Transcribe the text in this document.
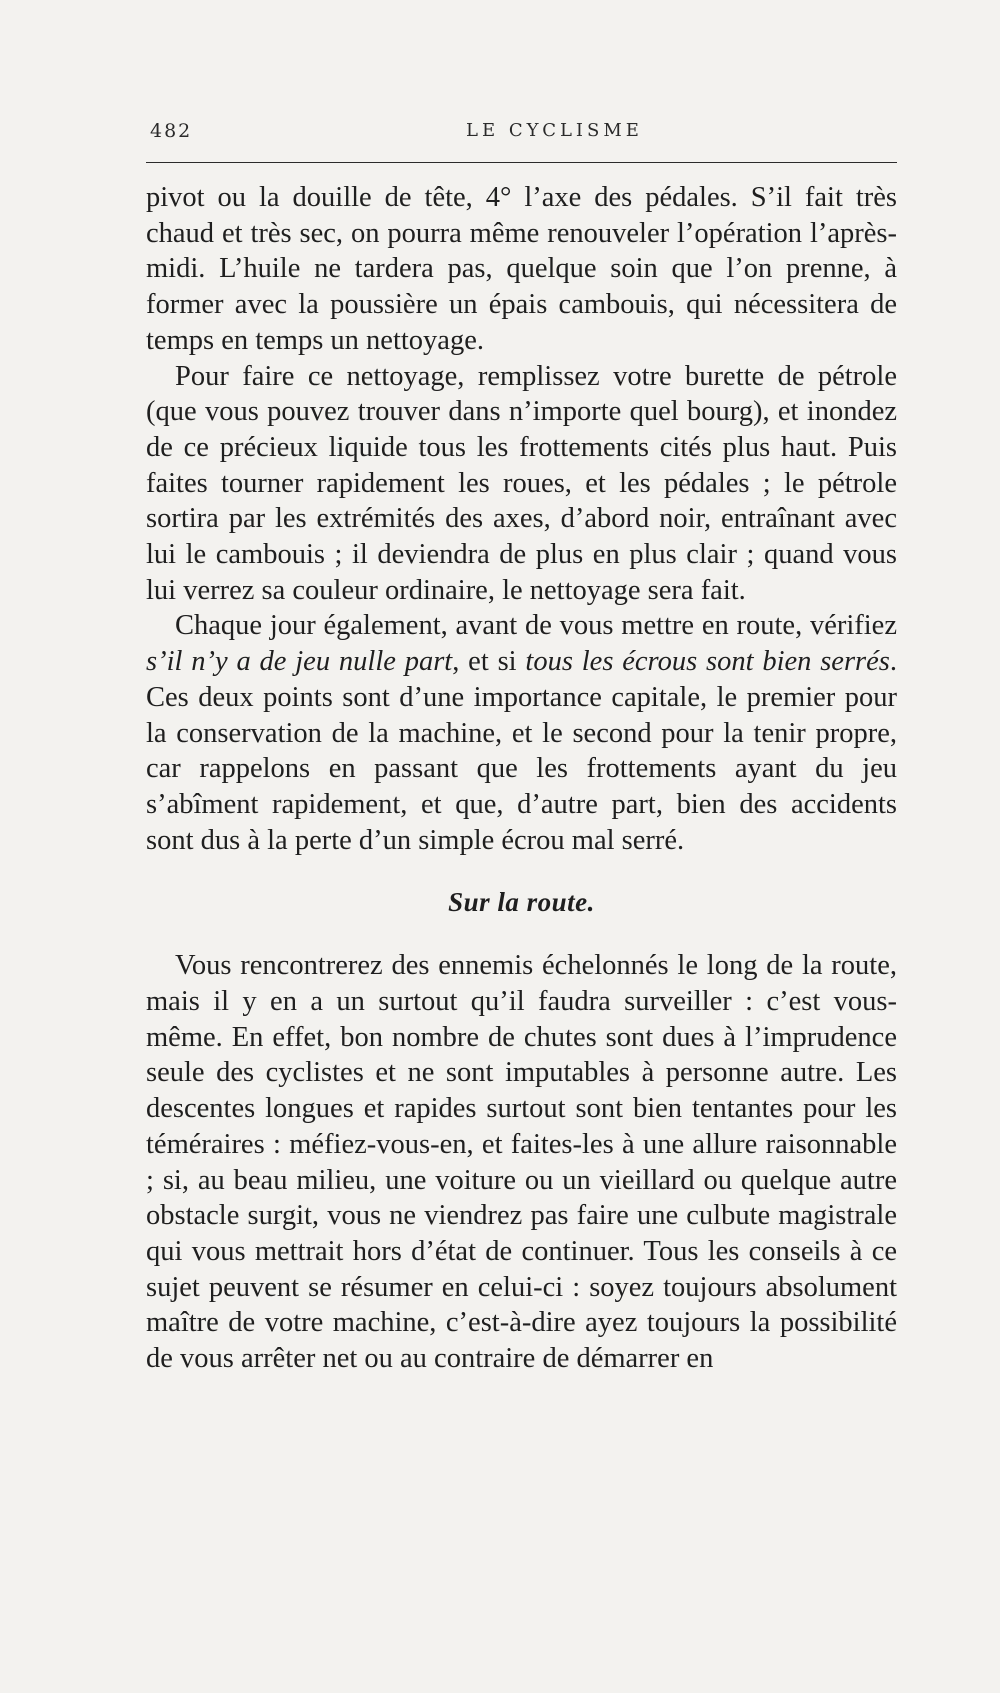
482	LE CYCLISME

pivot ou la douille de tête, 4° l’axe des pédales. S’il fait très chaud et très sec, on pourra même renouveler l’opération l’après-midi. L’huile ne tardera pas, quelque soin que l’on prenne, à former avec la poussière un épais cambouis, qui nécessitera de temps en temps un nettoyage.

Pour faire ce nettoyage, remplissez votre burette de pétrole (que vous pouvez trouver dans n’importe quel bourg), et inondez de ce précieux liquide tous les frottements cités plus haut. Puis faites tourner rapidement les roues, et les pédales ; le pétrole sortira par les extrémités des axes, d’abord noir, entraînant avec lui le cambouis ; il deviendra de plus en plus clair ; quand vous lui verrez sa couleur ordinaire, le nettoyage sera fait.

Chaque jour également, avant de vous mettre en route, vérifiez s’il n’y a de jeu nulle part, et si tous les écrous sont bien serrés. Ces deux points sont d’une importance capitale, le premier pour la conservation de la machine, et le second pour la tenir propre, car rappelons en passant que les frottements ayant du jeu s’abîment rapidement, et que, d’autre part, bien des accidents sont dus à la perte d’un simple écrou mal serré.

Sur la route.

Vous rencontrerez des ennemis échelonnés le long de la route, mais il y en a un surtout qu’il faudra surveiller : c’est vous-même. En effet, bon nombre de chutes sont dues à l’imprudence seule des cyclistes et ne sont imputables à personne autre. Les descentes longues et rapides surtout sont bien tentantes pour les téméraires : méfiez-vous-en, et faites-les à une allure raisonnable ; si, au beau milieu, une voiture ou un vieillard ou quelque autre obstacle surgit, vous ne viendrez pas faire une culbute magistrale qui vous mettrait hors d’état de continuer. Tous les conseils à ce sujet peuvent se résumer en celui-ci : soyez toujours absolument maître de votre machine, c’est-à-dire ayez toujours la possibilité de vous arrêter net ou au contraire de démarrer en
